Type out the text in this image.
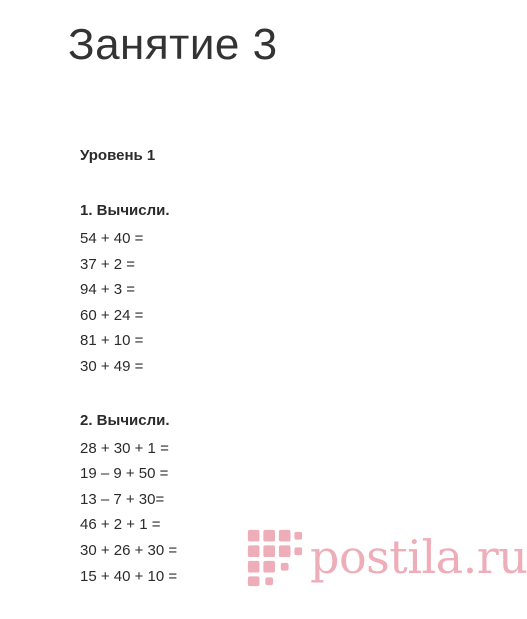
Занятие 3
Уровень 1
1. Вычисли.
54 + 40 =
37 + 2 =
94 + 3 =
60 + 24 =
81 + 10 =
30 + 49 =
2. Вычисли.
28 + 30 + 1 =
19 – 9 + 50 =
13 – 7 + 30=
46 + 2 + 1 =
30 + 26 + 30 =
15 + 40 + 10 =	postila.ru
